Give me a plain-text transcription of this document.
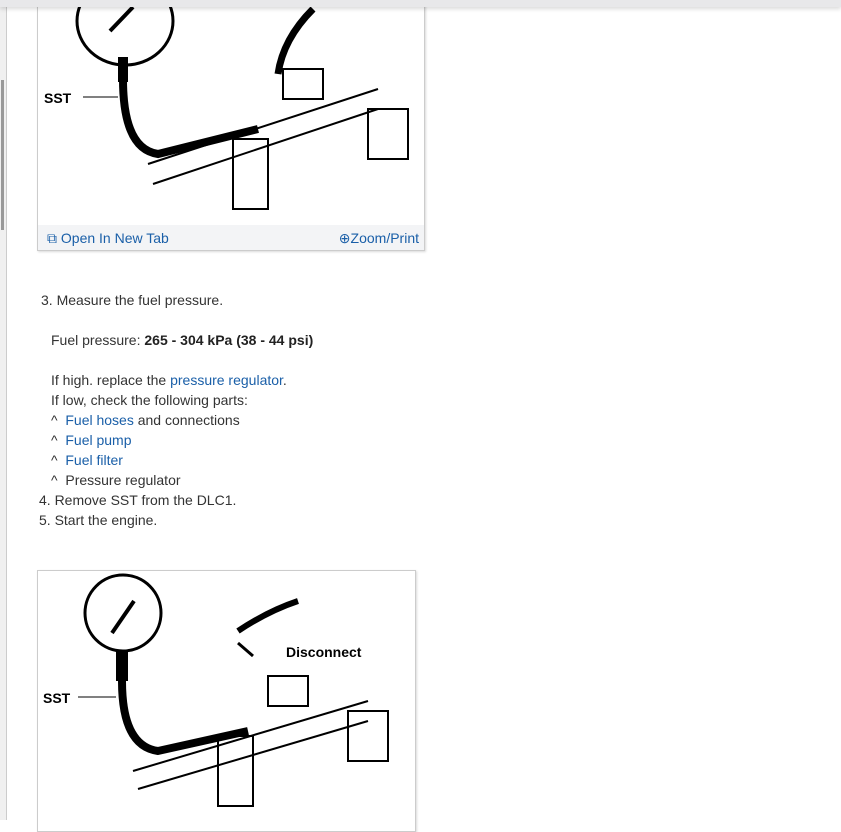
SST
⧉ Open In New Tab	⊕Zoom/Print

3. Measure the fuel pressure.

Fuel pressure: 265 - 304 kPa (38 - 44 psi)

If high. replace the pressure regulator.

If low, check the following parts:

^ Fuel hoses and connections

^ Fuel pump

^ Fuel filter

^ Pressure regulator

4. Remove SST from the DLC1.

5. Start the engine.

SST
Disconnect
